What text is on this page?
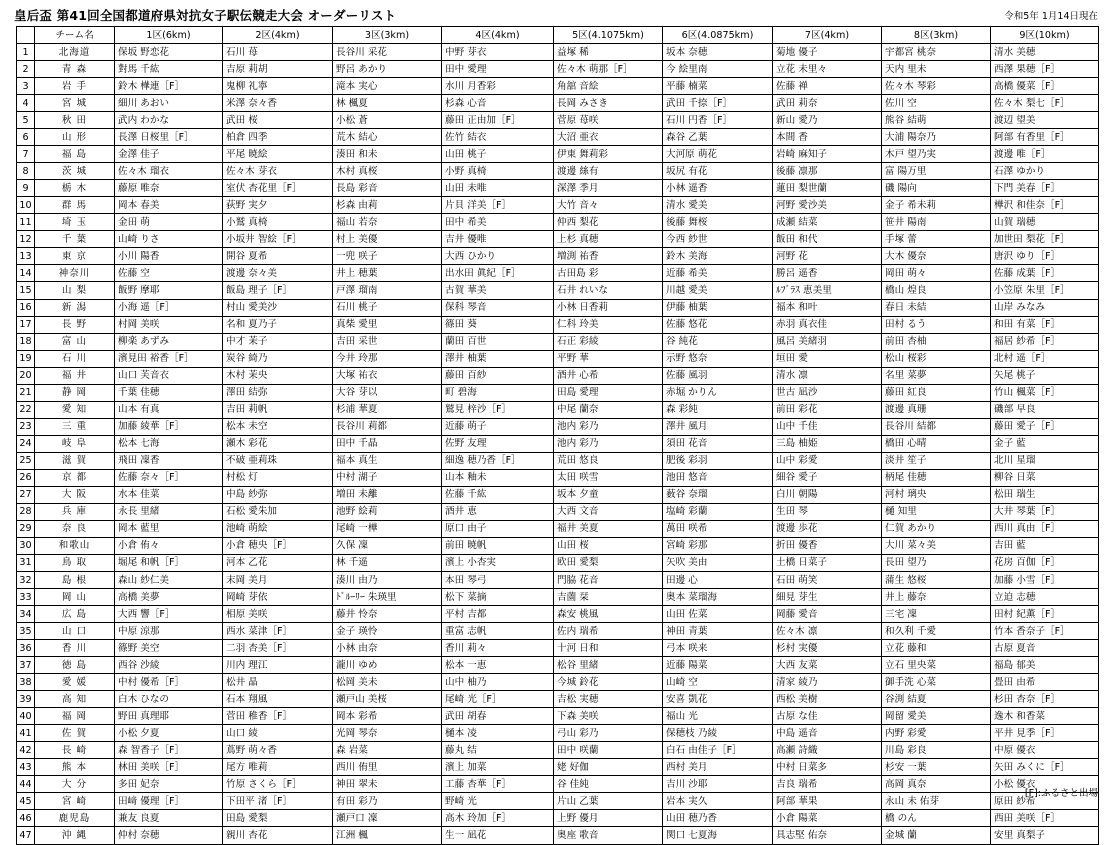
皇后盃 第41回全国都道府県対抗女子駅伝競走大会 オーダーリスト	令和5年 1月14日現在
	チーム名	1区(6km)	2区(4km)	3区(3km)	4区(4km)	5区(4.1075km)	6区(4.0875km)	7区(4km)	8区(3km)	9区(10km)
1	北海道	保坂 野恋花	石川 苺	長谷川 采花	中野 芽衣	益塚 稀	坂本 奈穂	菊地 優子	宇都宮 桃奈	清水 美穂
2	青 森	對馬 千紘	吉原 莉胡	野呂 あかり	田中 愛理	佐々木 萌那［F］	今 絵里南	立花 未里々	天内 里未	西澤 果穂［F］
3	岩 手	鈴木 樺連［F］	鬼柳 礼寧	滝本 実心	水川 月香彩	角舘 音絵	平藤 楠菜	佐藤 禅	佐々木 琴彩	高橋 優菜［F］
4	宮 城	細川 あおい	米澤 奈々香	林 楓夏	杉森 心音	長岡 みさき	武田 千捺［F］	武田 莉奈	佐川 空	佐々木 梨七［F］
5	秋 田	武内 わかな	武田 桜	小松 蒼	藤田 正由加［F］	菅原 苺咲	石川 円香［F］	新山 愛乃	熊谷 結萌	渡辺 望美
6	山 形	長澤 日桜里［F］	柏倉 四季	荒木 結心	佐竹 結衣	大沼 亜衣	森谷 乙葉	本間 香	大浦 陽奈乃	阿部 有香里［F］
7	福 島	金澤 佳子	平尾 暁絵	湊田 和未	山田 桃子	伊東 舞莉彩	大河原 萌花	岩崎 麻知子	木戸 望乃実	渡邊 唯［F］
8	茨 城	佐々木 瑠衣	佐々木 芽衣	木村 真桜	小野 真椅	渡邊 絲有	坂尻 有花	後藤 凛那	富 陽万里	石澤 ゆかり
9	栃 木	藤原 唯奈	室伏 杏花里［F］	長島 彩音	山田 未唯	深澤 季月	小林 遥香	蓮田 梨世蘭	磯 陽向	下門 美春［F］
10	群 馬	岡本 春美	荻野 実夕	杉森 由莉	片貝 洋美［F］	大竹 音々	清水 愛美	河野 愛沙美	金子 希未莉	樺沢 和佳奈［F］
11	埼 玉	金田 萌	小鷲 真椅	福山 若奈	田中 希美	仲西 梨花	後藤 舞桜	成瀬 結菜	笹井 陽南	山賀 瑞穂
12	千 葉	山崎 りさ	小坂井 智絵［F］	村上 美優	吉井 優唯	上杉 真穂	今西 紗世	飯田 和代	手塚 蕾	加世田 梨花［F］
13	東 京	小川 陽香	開谷 夏希	一兜 咲子	大西 ひかり	増渕 祐香	鈴木 美海	河野 花	大木 優奈	唐沢 ゆり［F］
14	神奈川	佐藤 空	渡邊 奈々美	井上 穂葉	出水田 眞紀［F］	古田島 彩	近藤 希美	勝呂 遥香	岡田 萌々	佐藤 成葉［F］
15	山 梨	飯野 摩耶	飯島 理子［F］	戸澤 瑠南	古賀 華美	石井 れいな	川越 愛美	ﾙﾌﾞﾗｽ 恵美里	橋山 煌良	小笠原 朱里［F］
16	新 潟	小海 遥［F］	村山 愛美沙	石川 桃子	保科 琴音	小林 日香莉	伊藤 柚葉	福本 和叶	春日 未結	山岸 みなみ
17	長 野	村岡 美咲	名和 夏乃子	真柴 愛里	篠田 葵	仁科 玲美	佐藤 悠花	赤羽 真衣佳	田村 るう	和田 有菜［F］
18	富 山	柳楽 あずみ	中才 茉子	吉田 采世	蘭田 百世	石正 彩綾	谷 純花	風呂 美緒羽	前田 杏柚	福居 紗希［F］
19	石 川	濱見田 裕香［F］	炭谷 綺乃	今井 玲那	澤井 柚葉	平野 華	示野 悠奈	垣田 愛	松山 桜彩	北村 遥［F］
20	福 井	山口 芙音衣	木村 茉央	大塚 祐衣	藤田 百紗	酒井 心希	佐藤 風羽	清水 凛	名里 菜夢	矢尾 桃子
21	静 岡	千葉 佳穂	澤田 結弥	大谷 芽以	町 碧海	田島 愛理	赤堀 かりん	世古 凪沙	藤田 紅良	竹山 楓菜［F］
22	愛 知	山本 有真	吉田 莉帆	杉浦 華夏	鷲見 梓沙［F］	中尾 蘭奈	森 彩純	前田 彩花	渡邊 真珊	磯部 早良
23	三 重	加藤 綾華［F］	松本 未空	長谷川 莉都	近藤 萌子	池内 彩乃	澤井 風月	山中 千佳	長谷川 結都	藤田 愛子［F］
24	岐 阜	松本 七海	瀬木 彩花	田中 千晶	佐野 友理	池内 彩乃	須田 花音	三島 柚姫	橋田 心晴	金子 藍
25	滋 賀	飛田 凜香	不破 亜莉珠	福本 真生	細逸 穂乃香［F］	荒田 悠良	肥後 彩羽	山中 彩愛	淡井 笙子	北川 星瑠
26	京 都	佐藤 奈々［F］	村松 灯	中村 湖子	山本 釉未	太田 咲雪	池田 悠音	細谷 愛子	柄尾 佳穂	柳谷 日菜
27	大 阪	水本 佳菜	中島 紗弥	増田 未離	佐藤 千紘	坂本 夕童	薮谷 奈瑠	白川 朝陽	河村 璃央	松田 瑞生
28	兵 庫	永長 里緒	石松 愛朱加	池野 絵莉	酒井 恵	大西 文音	塩崎 彩蘭	生田 琴	樋 知里	大井 琴葉［F］
29	奈 良	岡本 藍里	池崎 萌絵	尾崎 一樺	原口 由子	福井 美夏	萬田 咲希	渡邊 歩花	仁賀 あかり	西川 真由［F］
30	和歌山	小倉 侑々	小倉 穂央［F］	久保 凜	前田 暁帆	山田 桜	宮崎 彩那	折田 優香	大川 菜々美	吉田 藍
31	鳥 取	堀尾 和帆［F］	河本 乙花	林 千遥	濱上 小杏実	欧田 愛梨	矢吹 美由	土橋 日菜子	長田 望乃	花房 百伽［F］
32	島 根	森山 紗仁美	末岡 美月	湊川 由乃	本田 琴弓	門脇 花音	田邊 心	石田 萌笑	蒲生 悠桜	加藤 小雪［F］
33	岡 山	高橋 美夢	岡崎 芽依	ﾄﾞﾙｰﾘｰ 朱瑛里	松下 菜摘	吉薗 栞	奥本 菜瑠海	細見 芽生	井上 藤奈	立迫 志穂
34	広 島	大西 響［F］	相原 美咲	藤井 怜奈	平村 吉都	森安 桃風	山田 佐菜	岡藤 愛音	三宅 凜	田村 紀薫［F］
35	山 口	中原 涼那	西水 菜津［F］	金子 瑛怜	重富 志帆	佐内 瑞希	神田 青葉	佐々木 凛	和久利 千愛	竹本 香奈子［F］
36	香 川	篠野 美空	二羽 杏美［F］	小林 由奈	香川 莉々	十河 日和	弓本 咲来	杉村 実優	立花 藤和	古原 夏音
37	徳 島	西谷 沙綾	川内 理江	瀧川 ゆめ	松本 一恵	松谷 里緒	近藤 陽菜	大西 友菜	立石 里央菜	福島 郁美
38	愛 媛	中村 優希［F］	松井 晶	松岡 美未	山中 柚乃	今城 鈴花	山崎 空	清家 綾乃	御手洗 心菜	畳田 由希
39	高 知	白木 ひなの	石本 翔風	瀬戸山 美桜	尾崎 光［F］	吉松 実穂	安喜 凱花	西松 美樹	谷渕 結夏	杉田 杏奈［F］
40	福 岡	野田 真理耶	菅田 稚香［F］	岡本 彩希	武田 胡春	下森 美咲	福山 光	古原 な佳	岡留 愛美	逸木 和香菜
41	佐 賀	小松 夕夏	山口 綾	光岡 琴奈	樋本 凌	弓山 彩乃	保穂枝 乃綾	中島 遥音	内野 彩愛	平井 見季［F］
42	長 崎	森 智香子［F］	蔦野 萌々香	森 岩菜	藤丸 结	田中 咲蘭	白石 由佳子［F］	高瀬 詩織	川島 彩良	中原 優衣
43	熊 本	林田 美咲［F］	尾方 唯莉	西川 侑里	濱上 加菜	姥 好伽	西村 美月	中村 日菜多	杉安 一葉	矢田 みくに［F］
44	大 分	多田 妃奈	竹原 さくら［F］	神田 翠未	工藤 杏華［F］	谷 佳純	吉川 沙耶	吉良 瑞希	高岡 真奈	小松 優衣
45	宮 崎	田﨑 優理［F］	下田平 渚［F］	有田 彩乃	野崎 光	片山 乙葉	岩本 実久	阿部 華果	永山 未 佑芽	原田 紗希
46	鹿児島	兼友 良夏	田島 愛梨	瀬戸口 凜	高木 玲加［F］	上野 優月	山田 穂乃香	小倉 陽菜	橋 のん	西田 美咲［F］
47	沖 縄	仲村 奈穂	親川 杏花	江洲 楓	生一 凪花	奥座 歌音	関口 七夏海	具志堅 佑奈	金城 蘭	安里 真梨子
[F]:ふるさと出場
